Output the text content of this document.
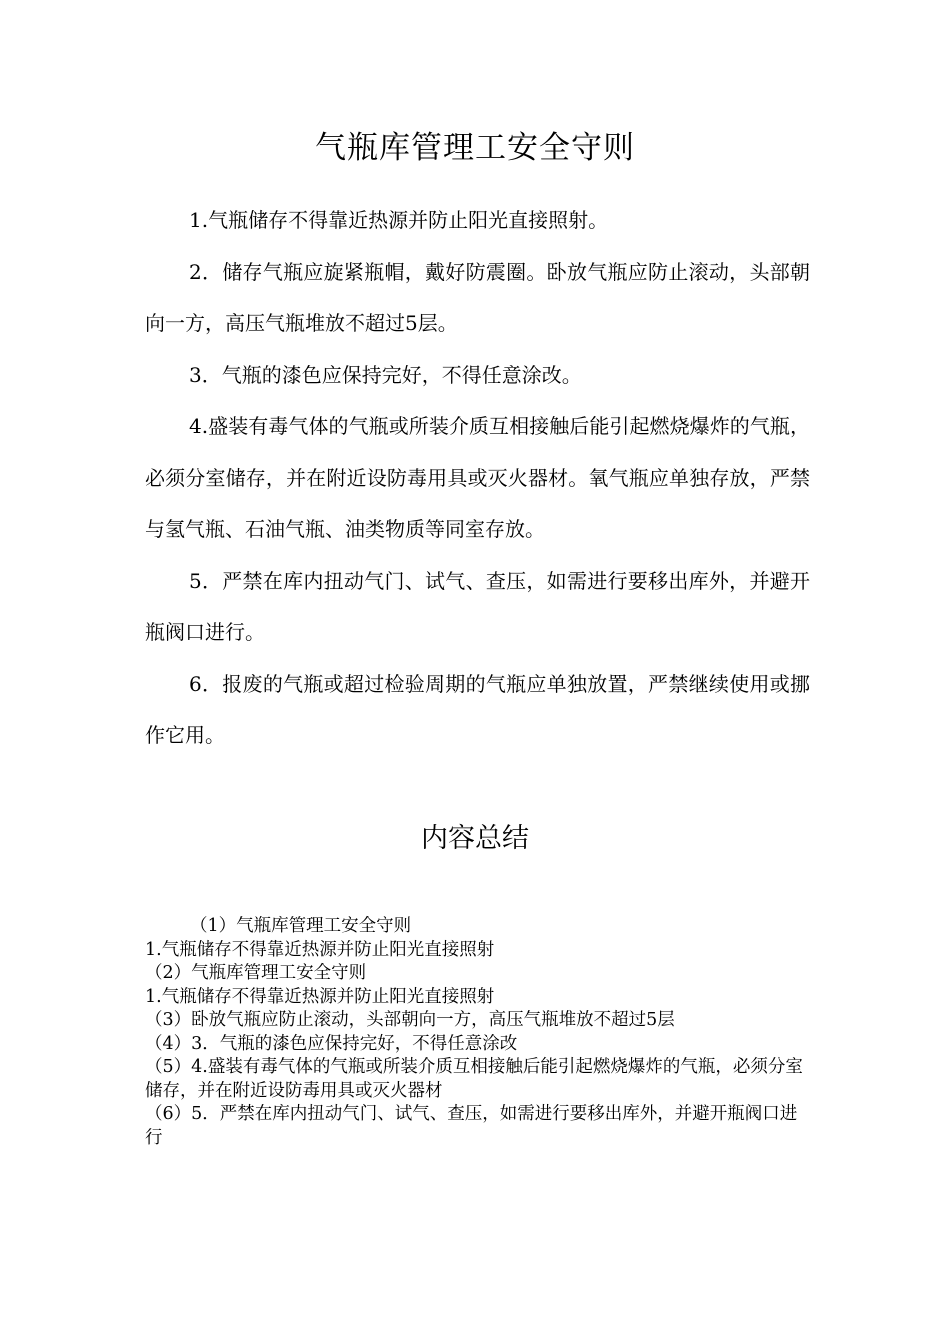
气瓶库管理工安全守则

1.气瓶储存不得靠近热源并防止阳光直接照射。

2．储存气瓶应旋紧瓶帽，戴好防震圈。卧放气瓶应防止滚动，头部朝向一方，高压气瓶堆放不超过5层。

3．气瓶的漆色应保持完好，不得任意涂改。

4.盛装有毒气体的气瓶或所装介质互相接触后能引起燃烧爆炸的气瓶，必须分室储存，并在附近设防毒用具或灭火器材。氧气瓶应单独存放，严禁与氢气瓶、石油气瓶、油类物质等同室存放。

5．严禁在库内扭动气门、试气、查压，如需进行要移出库外，并避开瓶阀口进行。

6．报废的气瓶或超过检验周期的气瓶应单独放置，严禁继续使用或挪作它用。

内容总结

（1）气瓶库管理工安全守则

1.气瓶储存不得靠近热源并防止阳光直接照射

（2）气瓶库管理工安全守则

1.气瓶储存不得靠近热源并防止阳光直接照射

（3）卧放气瓶应防止滚动，头部朝向一方，高压气瓶堆放不超过5层

（4）3．气瓶的漆色应保持完好，不得任意涂改

（5）4.盛装有毒气体的气瓶或所装介质互相接触后能引起燃烧爆炸的气瓶，必须分室储存，并在附近设防毒用具或灭火器材

（6）5．严禁在库内扭动气门、试气、查压，如需进行要移出库外，并避开瓶阀口进行
